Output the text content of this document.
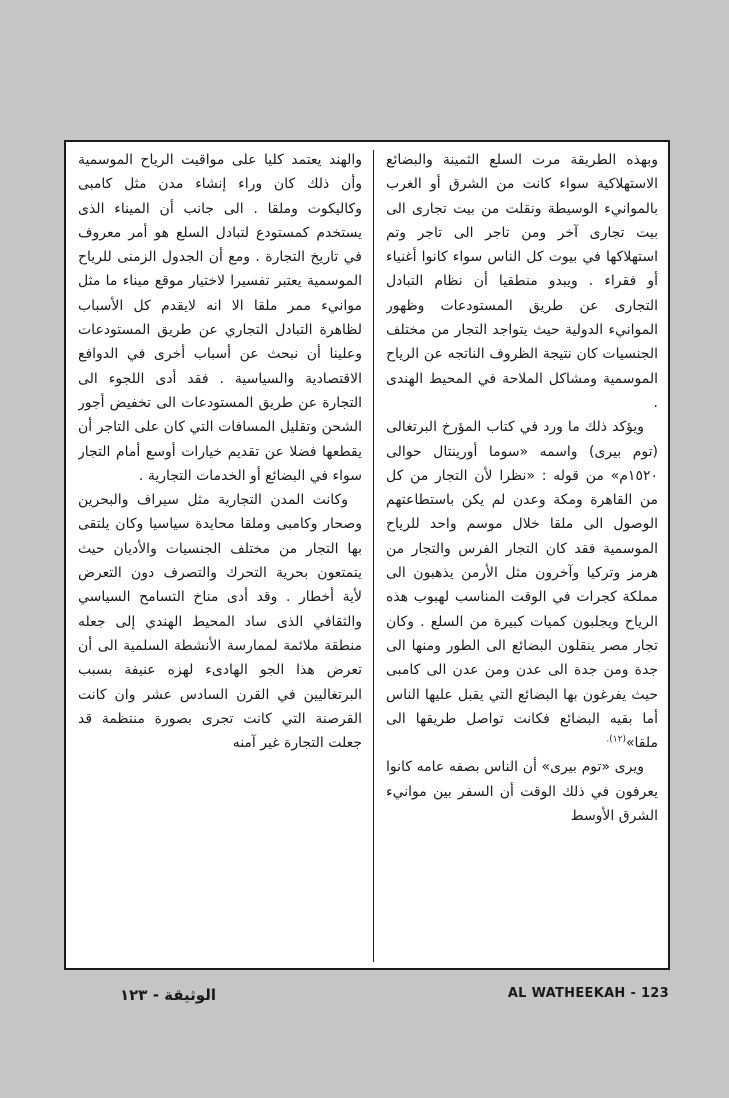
وبهذه الطريقة مرت السلع الثمينة والبضائع الاستهلاكية سواء كانت من الشرق أو الغرب بالموانيء الوسيطة ونقلت من بيت تجارى الى بيت تجارى آخر ومن تاجر الى تاجر وتم استهلاكها في بيوت كل الناس سواء كانوا أغنياء أو فقراء . ويبدو منطقيا أن نظام التبادل التجارى عن طريق المستودعات وظهور الموانيء الدولية حيث يتواجد التجار من مختلف الجنسيات كان نتيجة الظروف الناتجه عن الرياح الموسمية ومشاكل الملاحة في المحيط الهندى .
ويؤكد ذلك ما ورد في كتاب المؤرخ البرتغالى (توم بيرى) واسمه «سوما أورينتال حوالى ١٥٢٠م» من قوله : «نظرا لأن التجار من كل من القاهرة ومكة وعدن لم يكن باستطاعتهم الوصول الى ملقا خلال موسم واحد للرياح الموسمية فقد كان التجار الفرس والتجار من هرمز وتركيا وآخرون مثل الأرمن يذهبون الى مملكة كجرات في الوقت المناسب لهبوب هذه الرياح ويجلبون كميات كبيرة من السلع . وكان تجار مصر ينقلون البضائع الى الطور ومنها الى جدة ومن جدة الى عدن ومن عدن الى كامبى حيث يفرغون بها البضائع التي يقبل عليها الناس أما بقيه البضائع فكانت تواصل طريقها الى ملقا»$^{(١٢).}$
ويرى «توم بيرى» أن الناس بصفه عامه كانوا يعرفون في ذلك الوقت أن السفر بين موانيء الشرق الأوسط
والهند يعتمد كليا على مواقيت الرياح الموسمية وأن ذلك كان وراء إنشاء مدن مثل كامبى وكاليكوت وملقا . الى جانب أن الميناء الذى يستخدم كمستودع لتبادل السلع هو أمر معروف في تاريخ التجارة . ومع أن الجدول الزمنى للرياح الموسمية يعتبر تفسيرا لاختيار موقع ميناء ما مثل موانيء ممر ملقا الا انه لايقدم كل الأسباب لظاهرة التبادل التجاري عن طريق المستودعات وعلينا أن نبحث عن أسباب أخرى في الدوافع الاقتصادية والسياسية . فقد أدى اللجوء الى التجارة عن طريق المستودعات الى تخفيض أجور الشحن وتقليل المسافات التي كان على التاجر أن يقطعها فضلا عن تقديم خيارات أوسع أمام التجار سواء في البضائع أو الخدمات التجارية .
وكانت المدن التجارية مثل سيراف والبحرين وصحار وكامبى وملقا محايدة سياسيا وكان يلتقى بها التجار من مختلف الجنسيات والأديان حيث يتمتعون بحرية التحرك والتصرف دون التعرض لأية أخطار . وقد أدى مناخ التسامح السياسي والثقافي الذى ساد المحيط الهندي إلى جعله منطقة ملائمة لممارسة الأنشطة السلمية الى أن تعرض هذا الجو الهادىء لهزه عنيفة بسبب البرتغاليين في القرن السادس عشر وان كانت القرصنة التي كانت تجرى بصورة منتظمة قد جعلت التجارة غير آمنه
الوثيقة - ١٢٣	AL WATHEEKAH - 123
